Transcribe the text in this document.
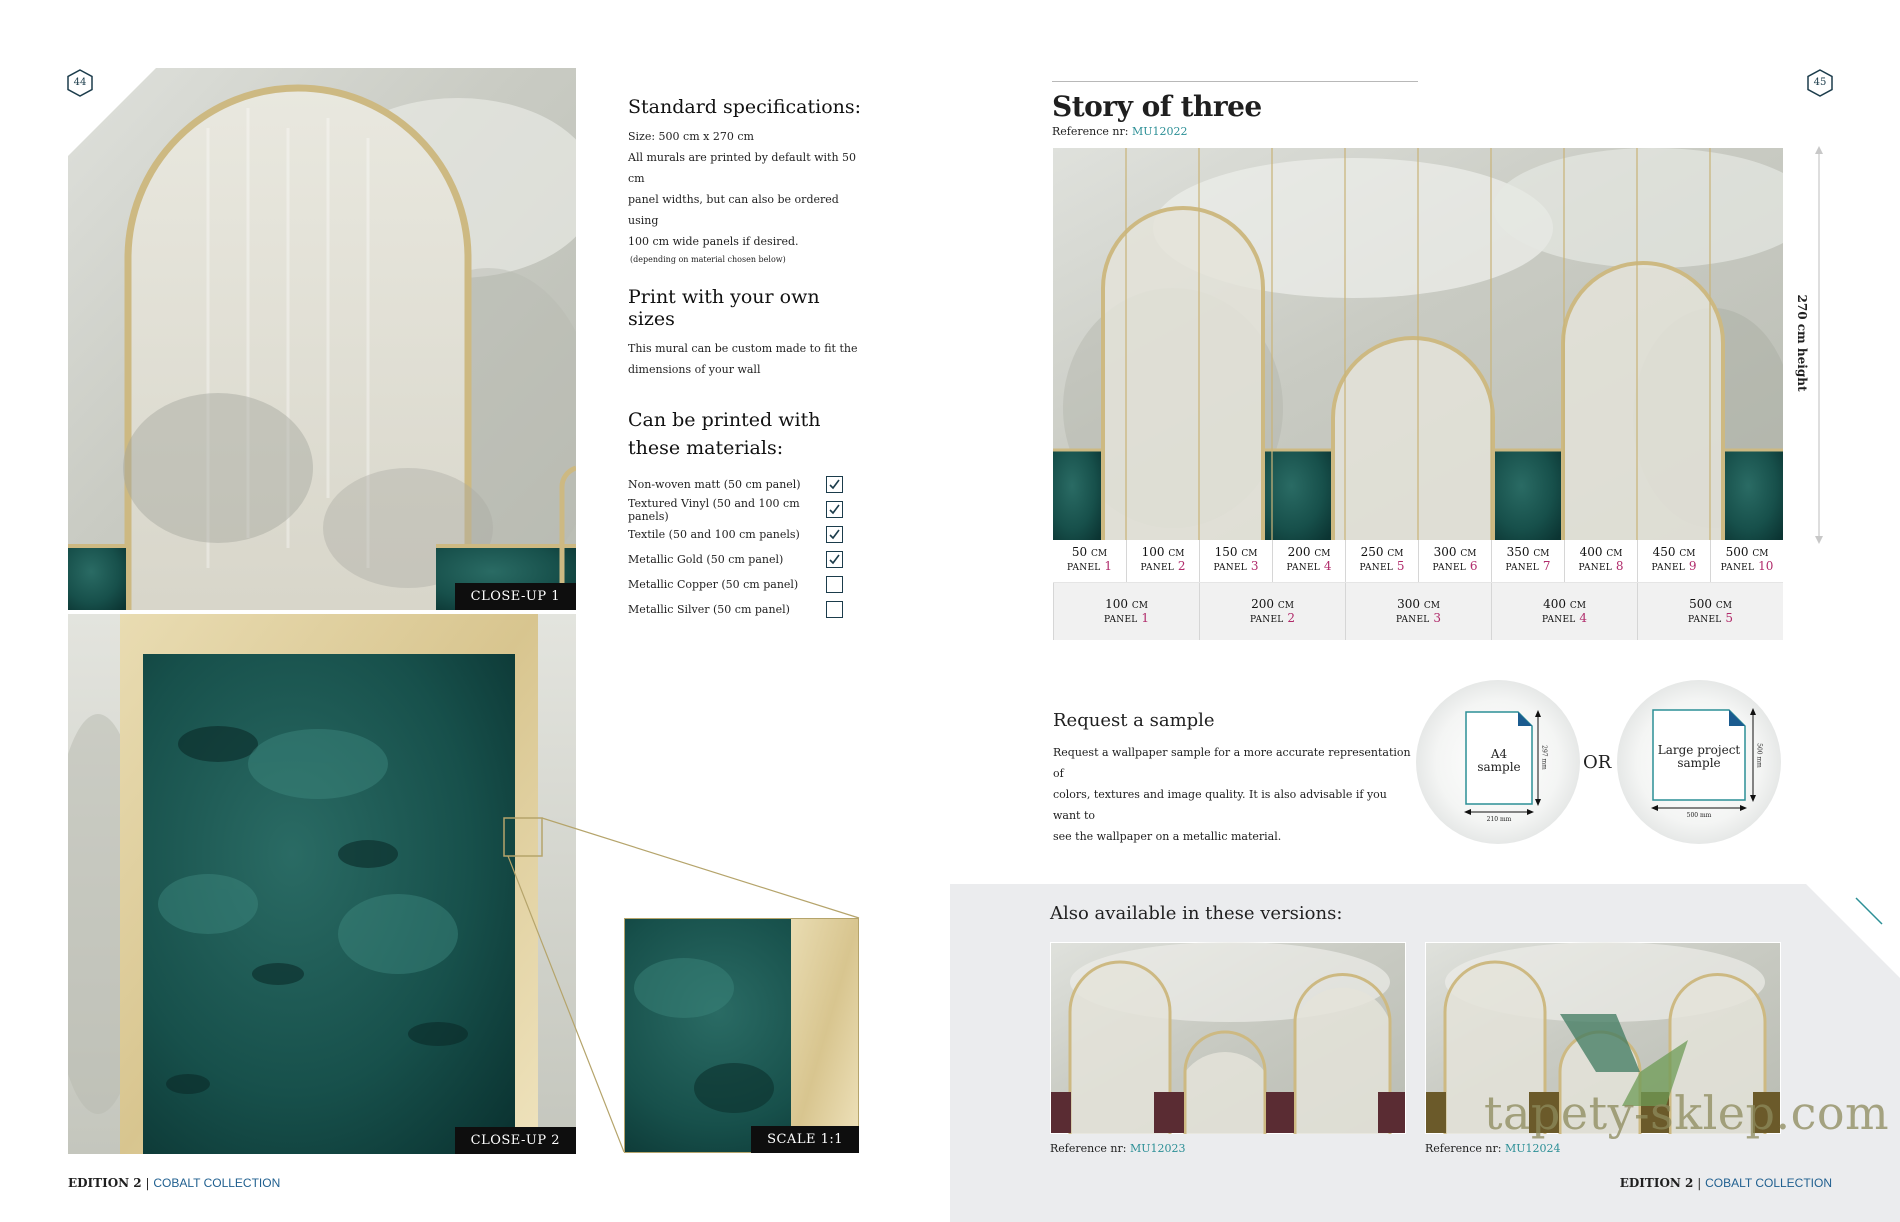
44
CLOSE-UP 1
CLOSE-UP 2	SCALE 1:1
Standard specifications:
Size: 500 cm x 270 cm
All murals are printed by default with 50 cm
panel widths, but can also be ordered using
100 cm wide panels if desired.
(depending on material chosen below)
Print with your own sizes
This mural can be custom made to fit the
dimensions of your wall
Can be printed with
these materials:
Non-woven matt (50 cm panel)
Textured Vinyl (50 and 100 cm panels)
Textile (50 and 100 cm panels)
Metallic Gold (50 cm panel)
Metallic Copper (50 cm panel)
Metallic Silver (50 cm panel)
EDITION 2 | COBALT COLLECTION
45
Story of three
Reference nr: MU12022
270 cm height
50 CM
PANEL 1
100 CM
PANEL 2
150 CM
PANEL 3
200 CM
PANEL 4
250 CM
PANEL 5
300 CM
PANEL 6
350 CM
PANEL 7
400 CM
PANEL 8
450 CM
PANEL 9
500 CM
PANEL 10
100 CM
PANEL 1
200 CM
PANEL 2
300 CM
PANEL 3
400 CM
PANEL 4
500 CM
PANEL 5
Request a sample
Request a wallpaper sample for a more accurate representation of
colors, textures and image quality. It is also advisable if you want to
see the wallpaper on a metallic material.
A4
sample
210 mm
297 mm OR
Large project
sample
500 mm
500 mm
Also available in these versions:
Reference nr: MU12023	Reference nr: MU12024
tapety-sklep.com
EDITION 2 | COBALT COLLECTION
